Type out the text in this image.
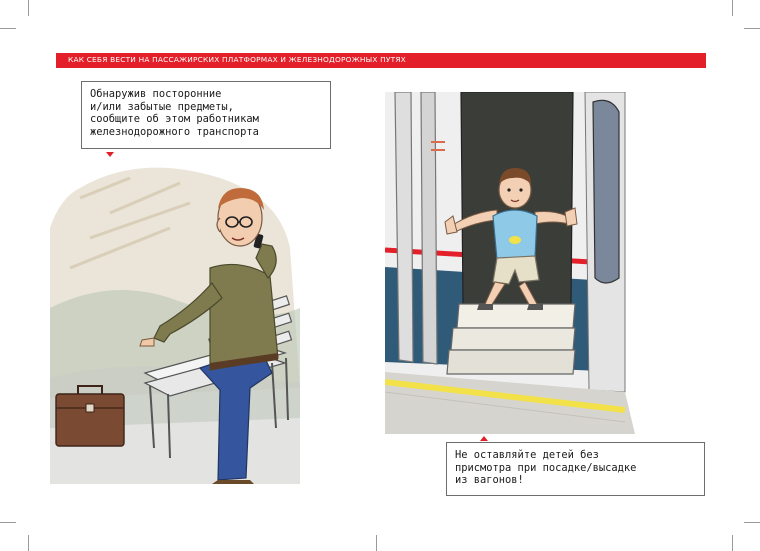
КАК СЕБЯ ВЕСТИ НА ПАССАЖИРСКИХ ПЛАТФОРМАХ И ЖЕЛЕЗНОДОРОЖНЫХ ПУТЯХ
Обнаружив посторонние
и/или забытые предметы,
сообщите об этом работникам
железнодорожного транспорта
Не оставляйте детей без
присмотра при посадке/высадке
из вагонов!
